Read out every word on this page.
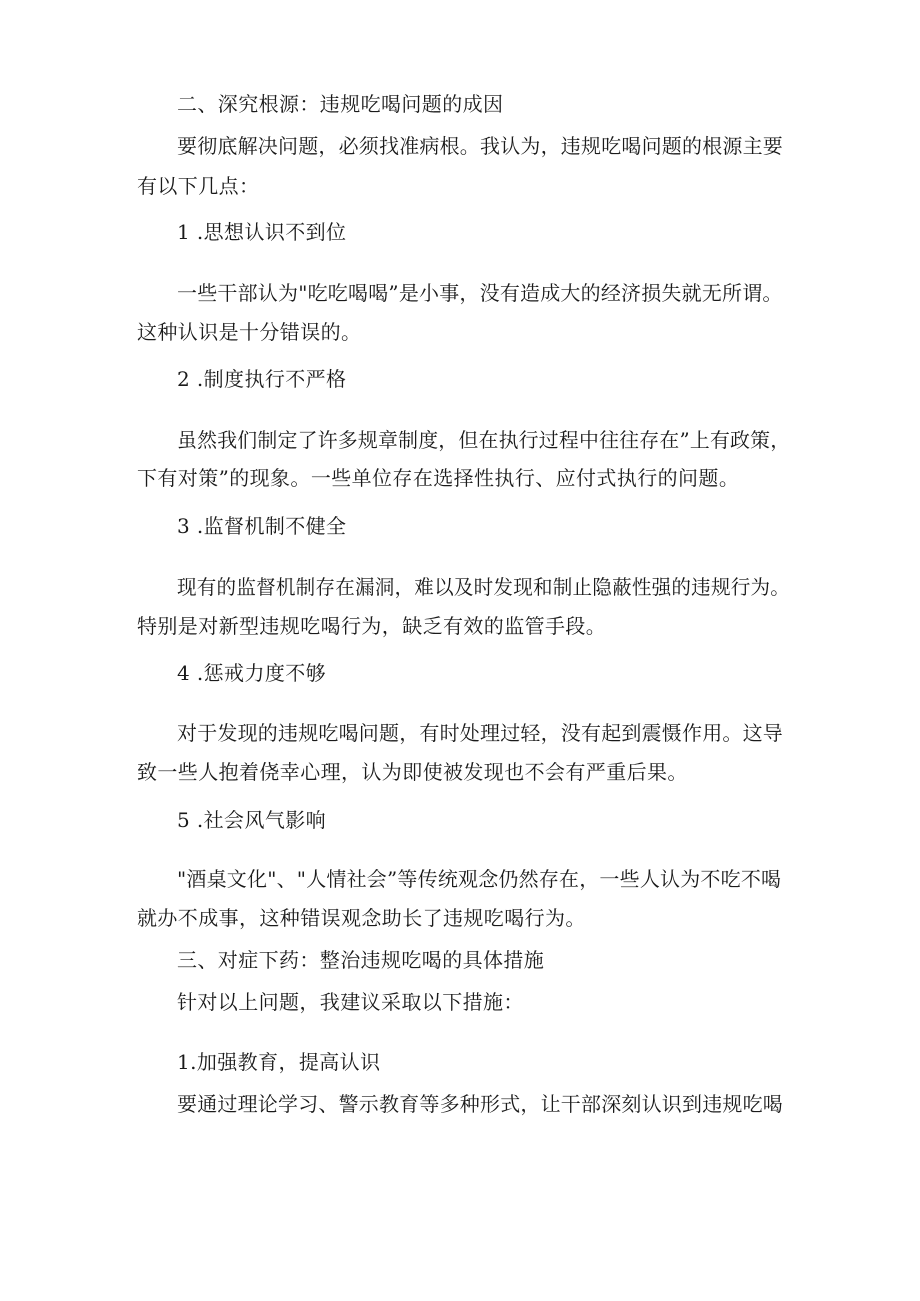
二、深究根源：违规吃喝问题的成因
要彻底解决问题，必须找准病根。我认为，违规吃喝问题的根源主要
有以下几点：
1 .思想认识不到位
一些干部认为"吃吃喝喝”是小事，没有造成大的经济损失就无所谓。
这种认识是十分错误的。
2 .制度执行不严格
虽然我们制定了许多规章制度，但在执行过程中往往存在”上有政策，
下有对策”的现象。一些单位存在选择性执行、应付式执行的问题。
3 .监督机制不健全
现有的监督机制存在漏洞，难以及时发现和制止隐蔽性强的违规行为。
特别是对新型违规吃喝行为，缺乏有效的监管手段。
4 .惩戒力度不够
对于发现的违规吃喝问题，有时处理过轻，没有起到震慑作用。这导
致一些人抱着侥幸心理，认为即使被发现也不会有严重后果。
5 .社会风气影响
"酒桌文化"、"人情社会”等传统观念仍然存在，一些人认为不吃不喝
就办不成事，这种错误观念助长了违规吃喝行为。
三、对症下药：整治违规吃喝的具体措施
针对以上问题，我建议采取以下措施：
1.加强教育，提高认识
要通过理论学习、警示教育等多种形式，让干部深刻认识到违规吃喝
